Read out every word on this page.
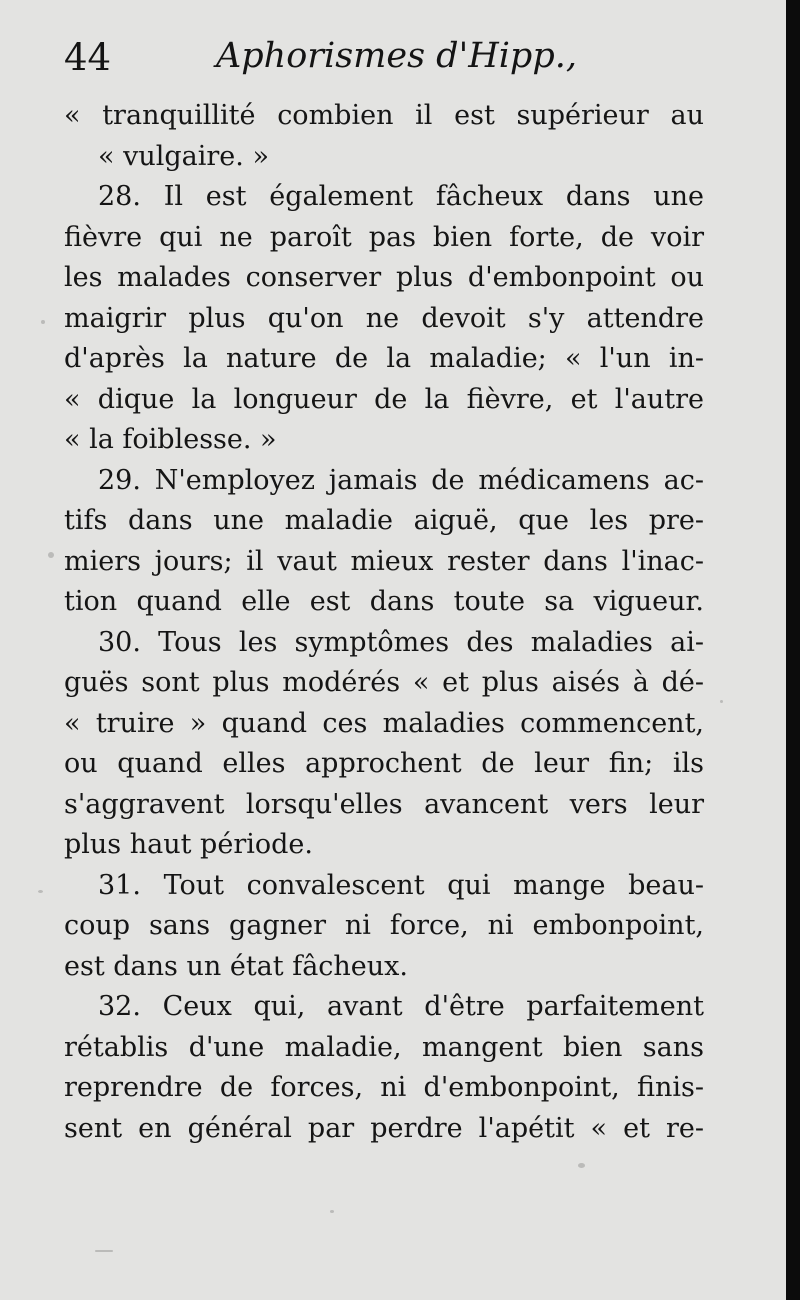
44	Aphorismes d'Hipp.,
« tranquillité combien il est supérieur au
« vulgaire. »
28. Il est également fâcheux dans une
fièvre qui ne paroît pas bien forte, de voir
les malades conserver plus d'embonpoint ou
maigrir plus qu'on ne devoit s'y attendre
d'après la nature de la maladie; « l'un in-
« dique la longueur de la fièvre, et l'autre
« la foiblesse. »
29. N'employez jamais de médicamens ac-
tifs dans une maladie aiguë, que les pre-
miers jours; il vaut mieux rester dans l'inac-
tion quand elle est dans toute sa vigueur.
30. Tous les symptômes des maladies ai-
guës sont plus modérés « et plus aisés à dé-
« truire » quand ces maladies commencent,
ou quand elles approchent de leur fin; ils
s'aggravent lorsqu'elles avancent vers leur
plus haut période.
31. Tout convalescent qui mange beau-
coup sans gagner ni force, ni embonpoint,
est dans un état fâcheux.
32. Ceux qui, avant d'être parfaitement
rétablis d'une maladie, mangent bien sans
reprendre de forces, ni d'embonpoint, finis-
sent en général par perdre l'apétit « et re-
